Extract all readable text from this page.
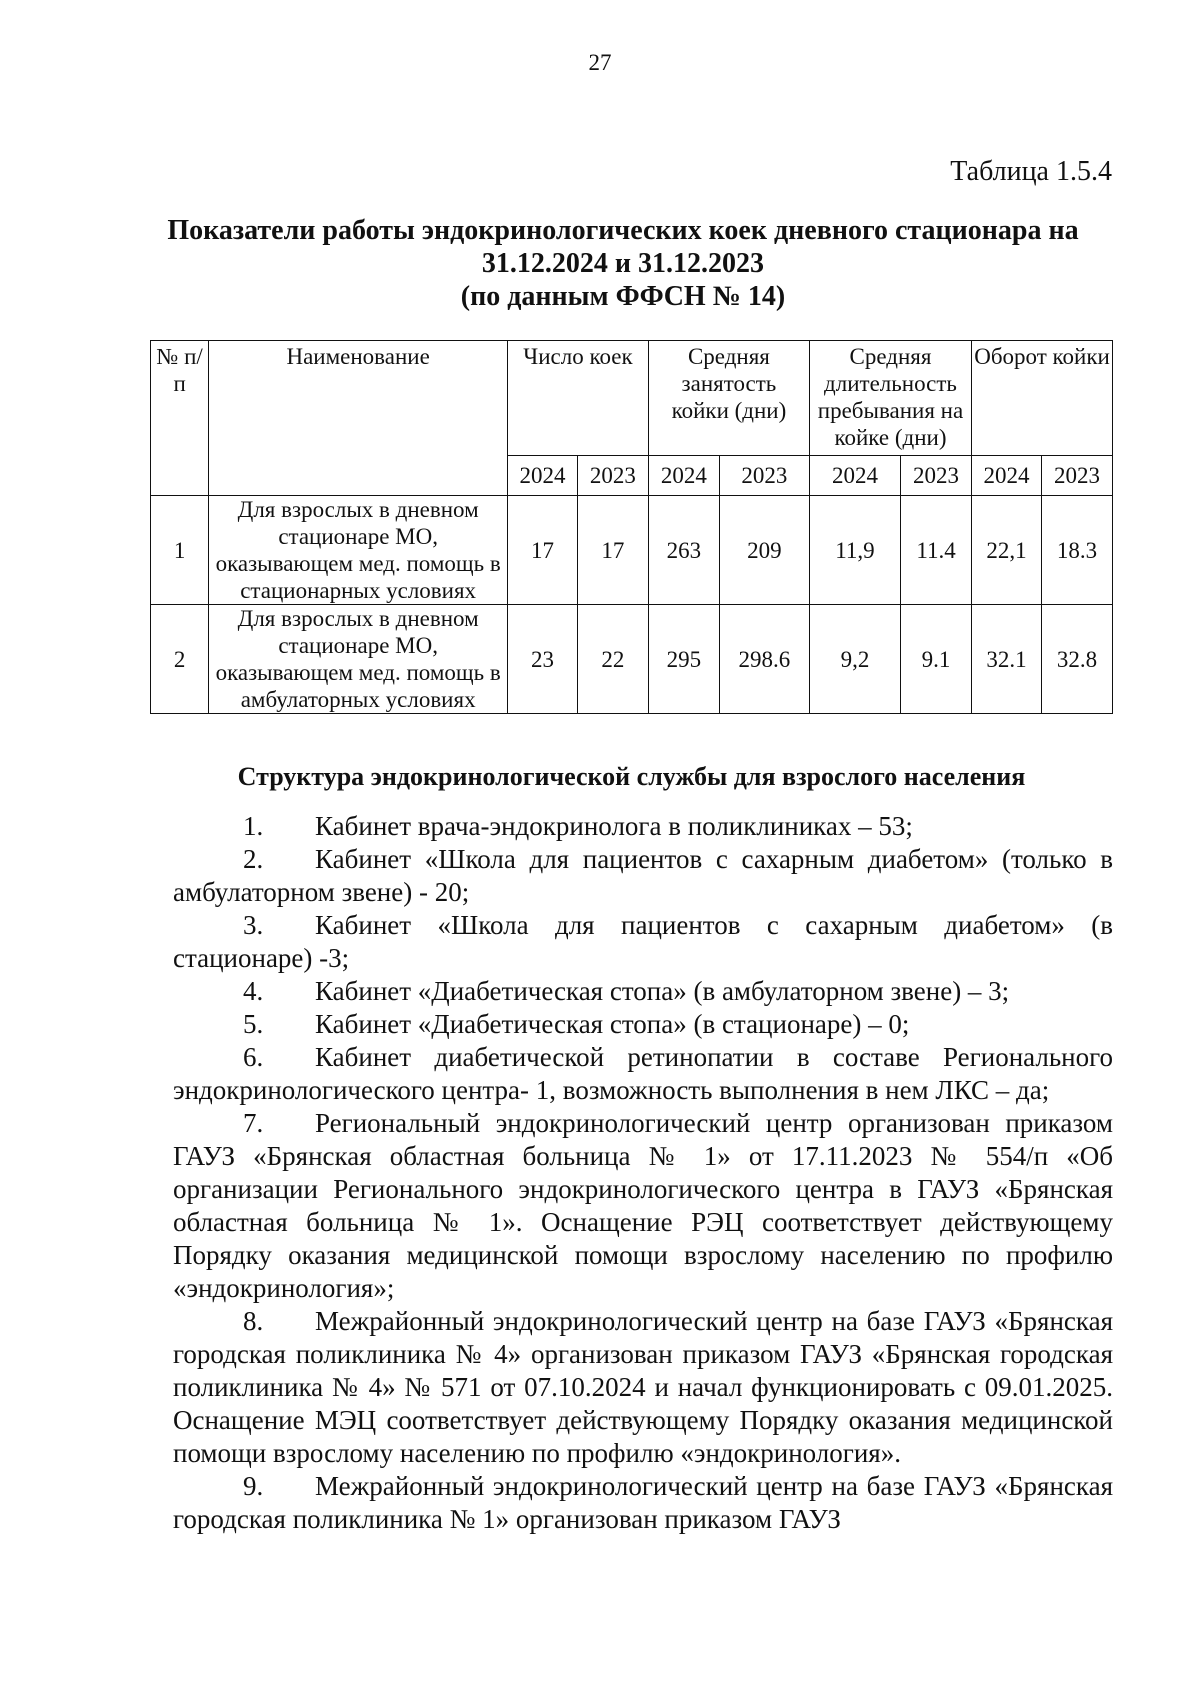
27
Таблица 1.5.4
Показатели работы эндокринологических коек дневного стационара на
31.12.2024 и 31.12.2023
(по данным ФФСН № 14)
№ п/п	Наименование	Число коек		Средняя занятость койки (дни)		Средняя длительность пребывания на койке (дни)		Оборот койки	
		2024	2023	2024	2023	2024	2023	2024	2023
1	Для взрослых в дневном стационаре МО, оказывающем мед. помощь в стационарных условиях	17	17	263	209	11,9	11.4	22,1	18.3
2	Для взрослых в дневном стационаре МО, оказывающем мед. помощь в амбулаторных условиях	23	22	295	298.6	9,2	9.1	32.1	32.8
Структура эндокринологической службы для взрослого населения
1. Кабинет врача-эндокринолога в поликлиниках – 53;
2. Кабинет «Школа для пациентов с сахарным диабетом» (только в амбулаторном звене) - 20;
3. Кабинет «Школа для пациентов с сахарным диабетом» (в стационаре) -3;
4. Кабинет «Диабетическая стопа» (в амбулаторном звене) – 3;
5. Кабинет «Диабетическая стопа» (в стационаре) – 0;
6. Кабинет диабетической ретинопатии в составе Регионального эндокринологического центра- 1, возможность выполнения в нем ЛКС – да;
7. Региональный эндокринологический центр организован приказом ГАУЗ «Брянская областная больница № 1» от 17.11.2023 № 554/п «Об организации Регионального эндокринологического центра в ГАУЗ «Брянская областная больница № 1». Оснащение РЭЦ соответствует действующему Порядку оказания медицинской помощи взрослому населению по профилю «эндокринология»;
8. Межрайонный эндокринологический центр на базе ГАУЗ «Брянская городская поликлиника № 4» организован приказом ГАУЗ «Брянская городская поликлиника № 4» № 571 от 07.10.2024 и начал функционировать с 09.01.2025. Оснащение МЭЦ соответствует действующему Порядку оказания медицинской помощи взрослому населению по профилю «эндокринология».
9. Межрайонный эндокринологический центр на базе ГАУЗ «Брянская городская поликлиника № 1» организован приказом ГАУЗ
